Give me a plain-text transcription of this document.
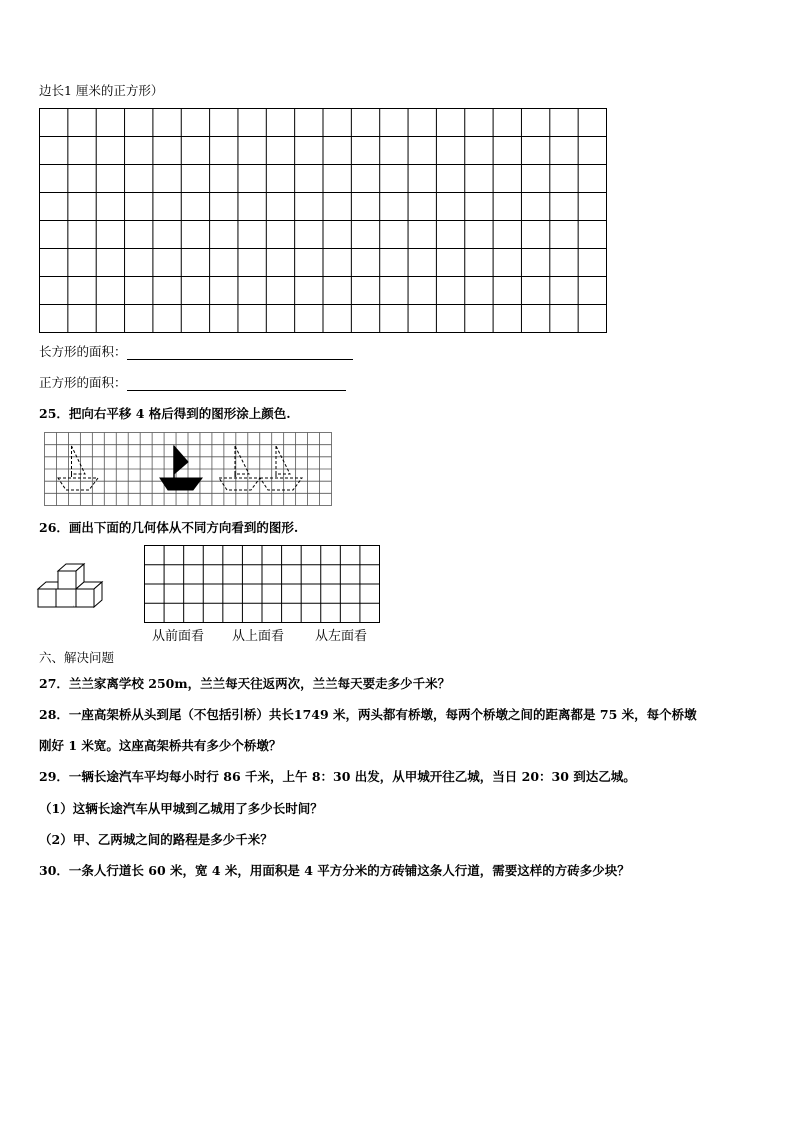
边长1 厘米的正方形）
长方形的面积：
正方形的面积：
25．把向右平移 4 格后得到的图形涂上颜色.
26．画出下面的几何体从不同方向看到的图形.
从前面看 从上面看 从左面看
六、解决问题
27．兰兰家离学校 250m，兰兰每天往返两次，兰兰每天要走多少千米？
28．一座高架桥从头到尾（不包括引桥）共长1749 米，两头都有桥墩，每两个桥墩之间的距离都是 75 米，每个桥墩
刚好 1 米宽。这座高架桥共有多少个桥墩？
29．一辆长途汽车平均每小时行 86 千米，上午 8：30 出发，从甲城开往乙城，当日 20：30 到达乙城。
（1）这辆长途汽车从甲城到乙城用了多少长时间？
（2）甲、乙两城之间的路程是多少千米？
30．一条人行道长 60 米，宽 4 米，用面积是 4 平方分米的方砖铺这条人行道，需要这样的方砖多少块？
